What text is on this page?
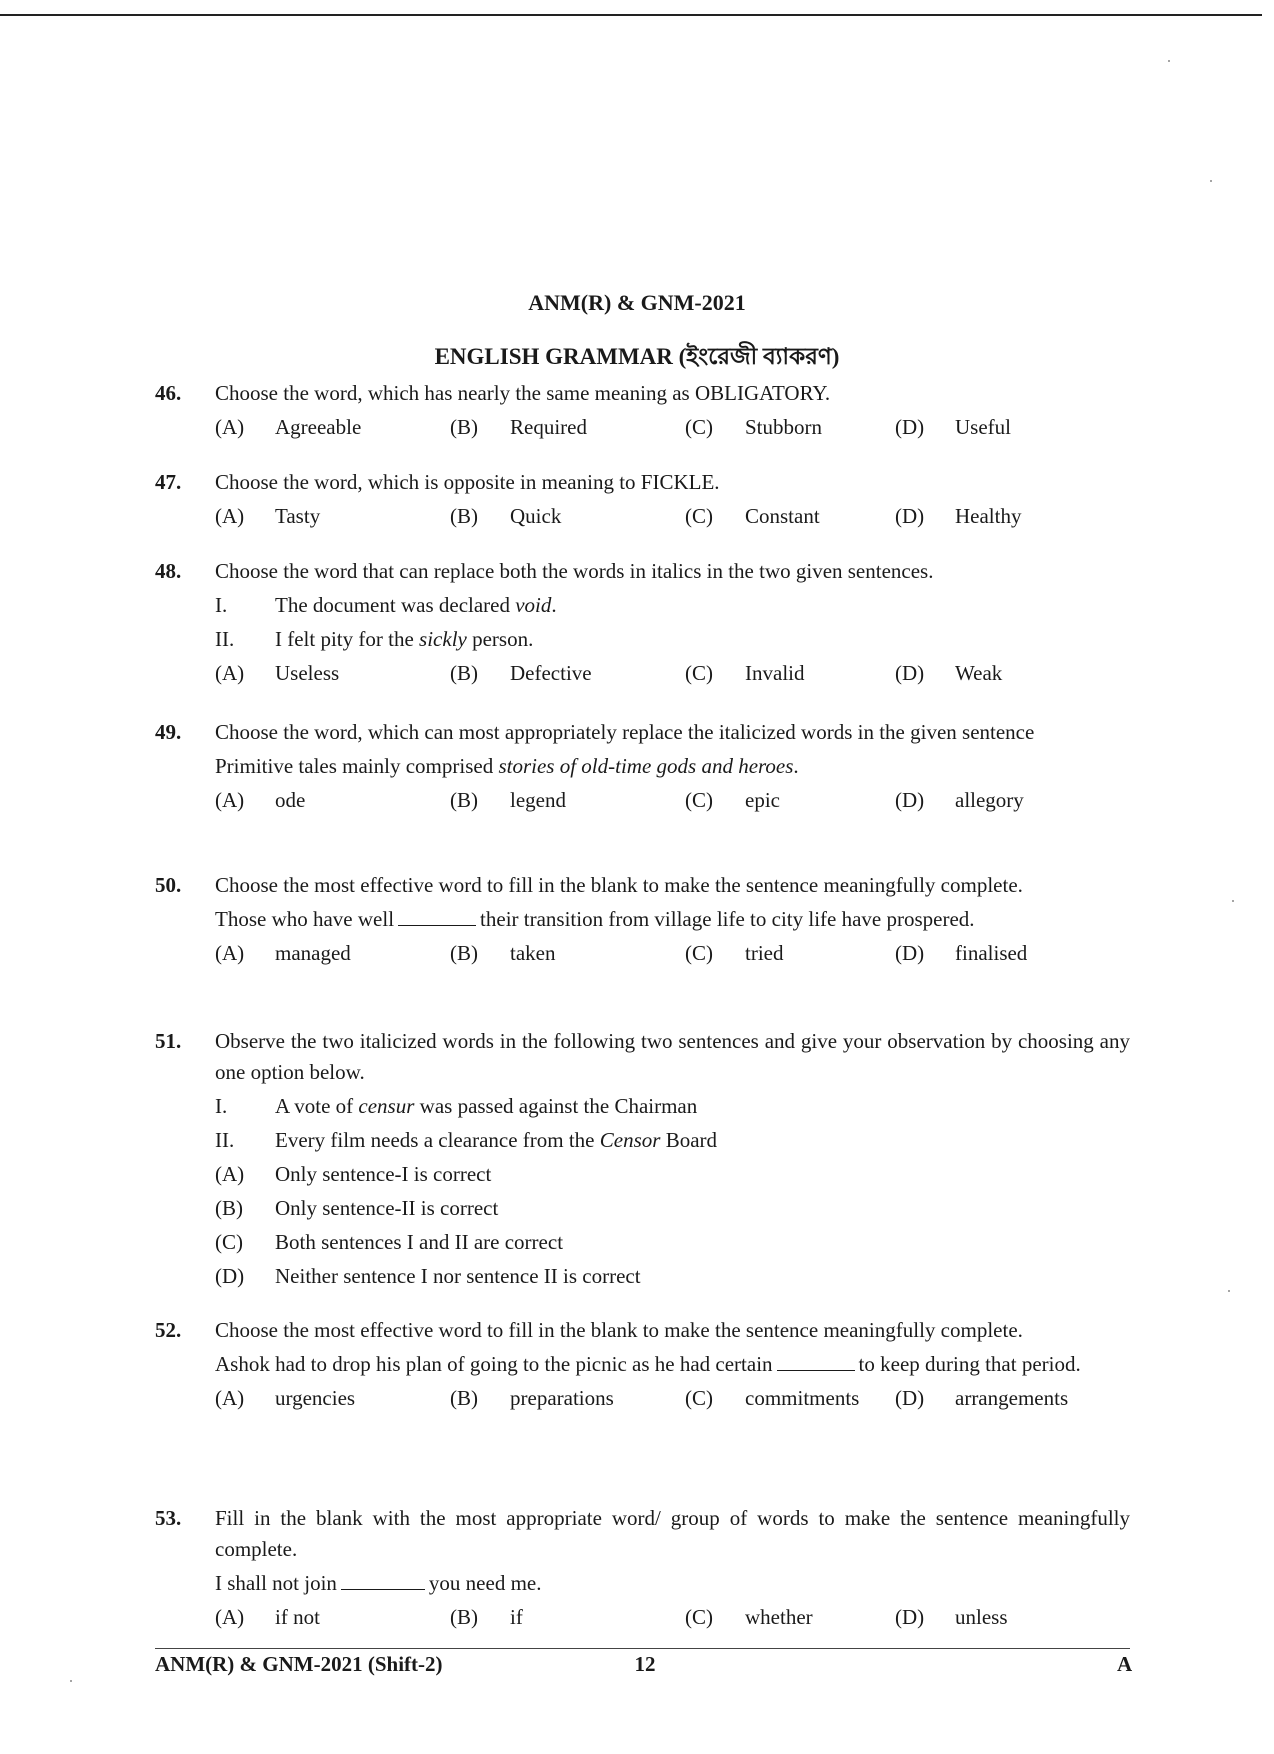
ANM(R) & GNM-2021
ENGLISH GRAMMAR (ইংরেজী ব্যাকরণ)
46. Choose the word, which has nearly the same meaning as OBLIGATORY.
(A) Agreeable	(B) Required	(C) Stubborn	(D) Useful
47. Choose the word, which is opposite in meaning to FICKLE.
(A) Tasty	(B) Quick	(C) Constant	(D) Healthy
48. Choose the word that can replace both the words in italics in the two given sentences.
I.	The document was declared void.
II.	I felt pity for the sickly person.
(A) Useless	(B) Defective	(C) Invalid	(D) Weak
49. Choose the word, which can most appropriately replace the italicized words in the given sentence
Primitive tales mainly comprised stories of old-time gods and heroes.
(A) ode	(B) legend	(C) epic	(D) allegory
50. Choose the most effective word to fill in the blank to make the sentence meaningfully complete.
Those who have well	their transition from village life to city life have prospered.
(A) managed	(B) taken	(C) tried	(D) finalised
51. Observe the two italicized words in the following two sentences and give your observation by choosing any one option below.
I.	A vote of censur was passed against the Chairman
II.	Every film needs a clearance from the Censor Board
(A)	Only sentence-I is correct
(B)	Only sentence-II is correct
(C)	Both sentences I and II are correct
(D)	Neither sentence I nor sentence II is correct
52. Choose the most effective word to fill in the blank to make the sentence meaningfully complete.
Ashok had to drop his plan of going to the picnic as he had certain	to keep during that period.
(A) urgencies	(B) preparations	(C) commitments (D) arrangements
53. Fill in the blank with the most appropriate word/ group of words to make the sentence meaningfully complete.
I shall not join	you need me.
(A) if not	(B) if	(C) whether	(D) unless
ANM(R) & GNM-2021 (Shift-2)	12	A
